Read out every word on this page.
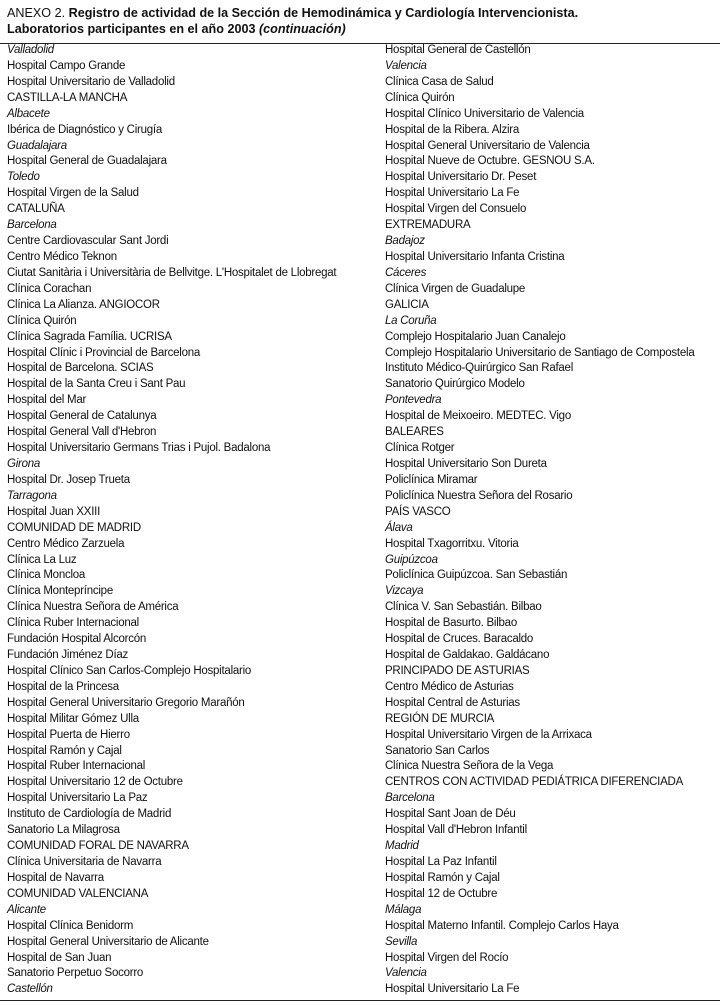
ANEXO 2. Registro de actividad de la Sección de Hemodinámica y Cardiología Intervencionista.
Laboratorios participantes en el año 2003 (continuación)
Valladolid
Hospital Campo Grande
Hospital Universitario de Valladolid
CASTILLA-LA MANCHA
Albacete
Ibérica de Diagnóstico y Cirugía
Guadalajara
Hospital General de Guadalajara
Toledo
Hospital Virgen de la Salud
CATALUÑA
Barcelona
Centre Cardiovascular Sant Jordi
Centro Médico Teknon
Ciutat Sanitària i Universitària de Bellvitge. L'Hospitalet de Llobregat
Clínica Corachan
Clínica La Alianza. ANGIOCOR
Clínica Quirón
Clínica Sagrada Família. UCRISA
Hospital Clínic i Provincial de Barcelona
Hospital de Barcelona. SCIAS
Hospital de la Santa Creu i Sant Pau
Hospital del Mar
Hospital General de Catalunya
Hospital General Vall d'Hebron
Hospital Universitario Germans Trias i Pujol. Badalona
Girona
Hospital Dr. Josep Trueta
Tarragona
Hospital Juan XXIII
COMUNIDAD DE MADRID
Centro Médico Zarzuela
Clínica La Luz
Clínica Moncloa
Clínica Montepríncipe
Clínica Nuestra Señora de América
Clínica Ruber Internacional
Fundación Hospital Alcorcón
Fundación Jiménez Díaz
Hospital Clínico San Carlos-Complejo Hospitalario
Hospital de la Princesa
Hospital General Universitario Gregorio Marañón
Hospital Militar Gómez Ulla
Hospital Puerta de Hierro
Hospital Ramón y Cajal
Hospital Ruber Internacional
Hospital Universitario 12 de Octubre
Hospital Universitario La Paz
Instituto de Cardiología de Madrid
Sanatorio La Milagrosa
COMUNIDAD FORAL DE NAVARRA
Clínica Universitaria de Navarra
Hospital de Navarra
COMUNIDAD VALENCIANA
Alicante
Hospital Clínica Benidorm
Hospital General Universitario de Alicante
Hospital de San Juan
Sanatorio Perpetuo Socorro
Castellón
Hospital General de Castellón
Valencia
Clínica Casa de Salud
Clínica Quirón
Hospital Clínico Universitario de Valencia
Hospital de la Ribera. Alzira
Hospital General Universitario de Valencia
Hospital Nueve de Octubre. GESNOU S.A.
Hospital Universitario Dr. Peset
Hospital Universitario La Fe
Hospital Virgen del Consuelo
EXTREMADURA
Badajoz
Hospital Universitario Infanta Cristina
Cáceres
Clínica Virgen de Guadalupe
GALICIA
La Coruña
Complejo Hospitalario Juan Canalejo
Complejo Hospitalario Universitario de Santiago de Compostela
Instituto Médico-Quirúrgico San Rafael
Sanatorio Quirúrgico Modelo
Pontevedra
Hospital de Meixoeiro. MEDTEC. Vigo
BALEARES
Clínica Rotger
Hospital Universitario Son Dureta
Policlínica Miramar
Policlínica Nuestra Señora del Rosario
PAÍS VASCO
Álava
Hospital Txagorritxu. Vitoria
Guipúzcoa
Policlínica Guipúzcoa. San Sebastián
Vizcaya
Clínica V. San Sebastián. Bilbao
Hospital de Basurto. Bilbao
Hospital de Cruces. Baracaldo
Hospital de Galdakao. Galdácano
PRINCIPADO DE ASTURIAS
Centro Médico de Asturias
Hospital Central de Asturias
REGIÓN DE MURCIA
Hospital Universitario Virgen de la Arrixaca
Sanatorio San Carlos
Clínica Nuestra Señora de la Vega
CENTROS CON ACTIVIDAD PEDIÁTRICA DIFERENCIADA
Barcelona
Hospital Sant Joan de Déu
Hospital Vall d'Hebron Infantil
Madrid
Hospital La Paz Infantil
Hospital Ramón y Cajal
Hospital 12 de Octubre
Málaga
Hospital Materno Infantil. Complejo Carlos Haya
Sevilla
Hospital Virgen del Rocío
Valencia
Hospital Universitario La Fe
